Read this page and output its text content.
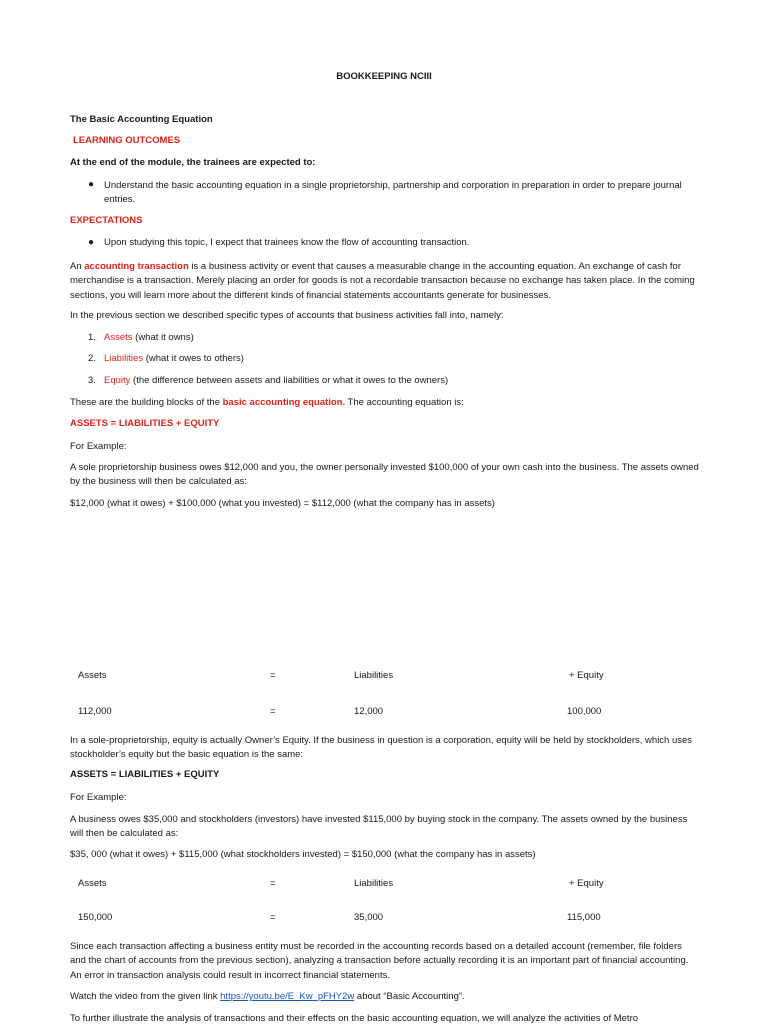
BOOKKEEPING NCIII
The Basic Accounting Equation
LEARNING OUTCOMES
At the end of the module, the trainees are expected to:
● Understand the basic accounting equation in a single proprietorship, partnership and corporation in preparation in order to prepare journal entries.
EXPECTATIONS
● Upon studying this topic, I expect that trainees know the flow of accounting transaction.
An accounting transaction is a business activity or event that causes a measurable change in the accounting equation. An exchange of cash for merchandise is a transaction. Merely placing an order for goods is not a recordable transaction because no exchange has taken place. In the coming sections, you will learn more about the different kinds of financial statements accountants generate for businesses.
In the previous section we described specific types of accounts that business activities fall into, namely:
1. Assets (what it owns)
2. Liabilities (what it owes to others)
3. Equity (the difference between assets and liabilities or what it owes to the owners)
These are the building blocks of the basic accounting equation. The accounting equation is:
ASSETS = LIABILITIES + EQUITY
For Example:
A sole proprietorship business owes $12,000 and you, the owner personally invested $100,000 of your own cash into the business. The assets owned by the business will then be calculated as:
$12,000 (what it owes) + $100,000 (what you invested) = $112,000 (what the company has in assets)
Assets	=	Liabilities	+ Equity
112,000	=	12,000	100,000
In a sole-proprietorship, equity is actually Owner’s Equity. If the business in question is a corporation, equity will be held by stockholders, which uses stockholder’s equity but the basic equation is the same:
ASSETS = LIABILITIES + EQUITY
For Example:
A business owes $35,000 and stockholders (investors) have invested $115,000 by buying stock in the company. The assets owned by the business will then be calculated as:
$35, 000 (what it owes) + $115,000 (what stockholders invested) = $150,000 (what the company has in assets)
Assets	=	Liabilities	+ Equity
150,000	=	35,000	115,000
Since each transaction affecting a business entity must be recorded in the accounting records based on a detailed account (remember, file folders and the chart of accounts from the previous section), analyzing a transaction before actually recording it is an important part of financial accounting. An error in transaction analysis could result in incorrect financial statements.
Watch the video from the given link https://youtu.be/E_Kw_pFHY2w about “Basic Accounting”.
To further illustrate the analysis of transactions and their effects on the basic accounting equation, we will analyze the activities of Metro
